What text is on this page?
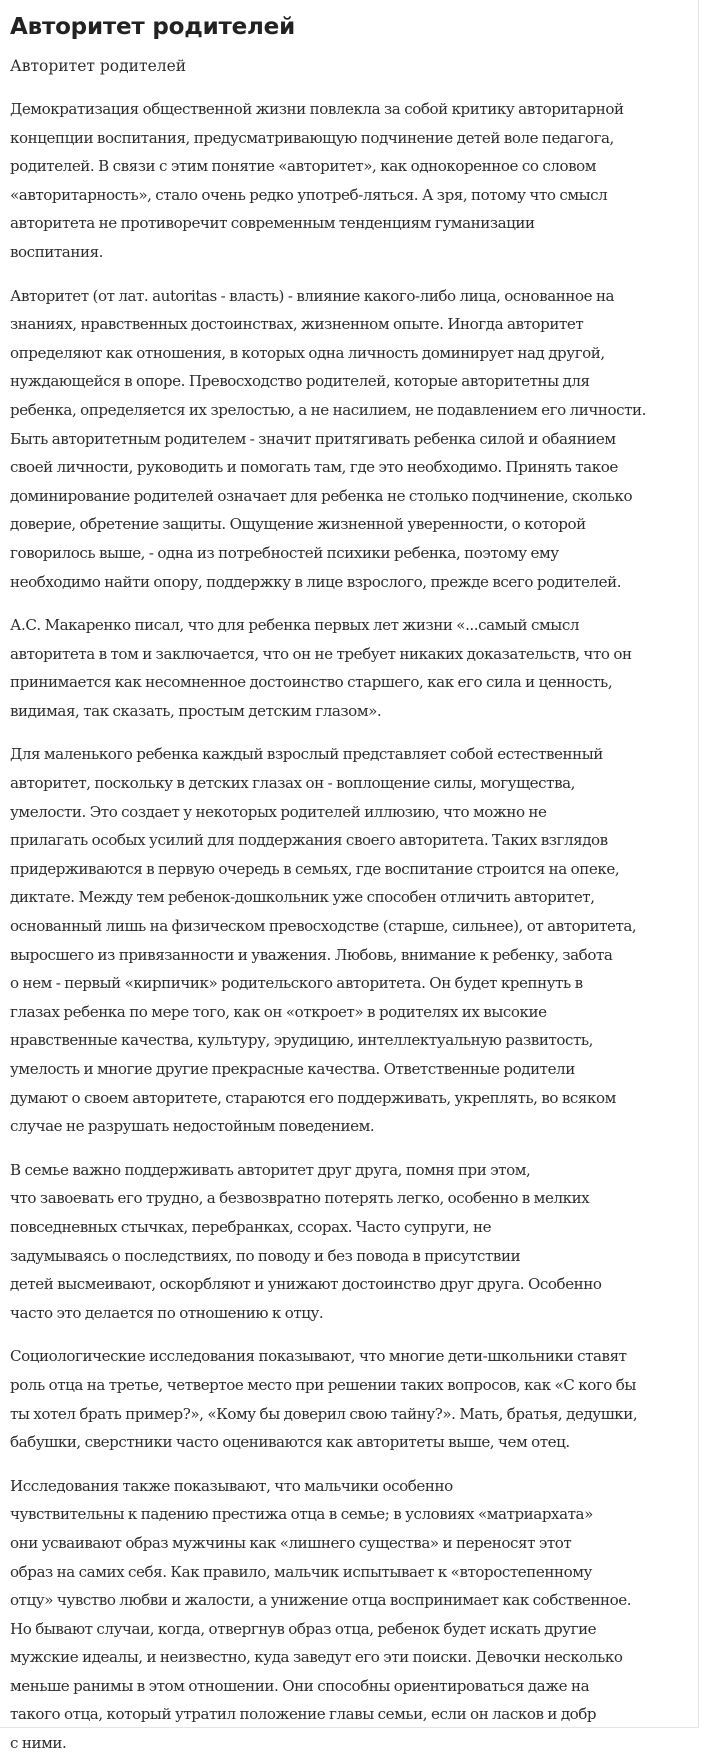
Авторитет родителей

Авторитет родителей

Демократизация общественной жизни повлекла за собой критику авторитарной
концепции воспитания, предусматривающую подчинение детей воле педагога,
родителей. В связи с этим понятие «авторитет», как однокоренное со словом
«авторитарность», стало очень редко употреб-ляться. А зря, потому что смысл
авторитета не противоречит современным тенденциям гуманизации
воспитания.

Авторитет (от лат. autoritas - власть) - влияние какого-либо лица, основанное на
знаниях, нравственных достоинствах, жизненном опыте. Иногда авторитет
определяют как отношения, в которых одна личность доминирует над другой,
нуждающейся в опоре. Превосходство родителей, которые авторитетны для
ребенка, определяется их зрелостью, а не насилием, не подавлением его личности.
Быть авторитетным родителем - значит притягивать ребенка силой и обаянием
своей личности, руководить и помогать там, где это необходимо. Принять такое
доминирование родителей означает для ребенка не столько подчинение, сколько
доверие, обретение защиты. Ощущение жизненной уверенности, о которой
говорилось выше, - одна из потребностей психики ребенка, поэтому ему
необходимо найти опору, поддержку в лице взрослого, прежде всего родителей.

А.С. Макаренко писал, что для ребенка первых лет жизни «...самый смысл
авторитета в том и заключается, что он не требует никаких доказательств, что он
принимается как несомненное достоинство старшего, как его сила и ценность,
видимая, так сказать, простым детским глазом».

Для маленького ребенка каждый взрослый представляет собой естественный
авторитет, поскольку в детских глазах он - воплощение силы, могущества,
умелости. Это создает у некоторых родителей иллюзию, что можно не
прилагать особых усилий для поддержания своего авторитета. Таких взглядов
придерживаются в первую очередь в семьях, где воспитание строится на опеке,
диктате. Между тем ребенок-дошкольник уже способен отличить авторитет,
основанный лишь на физическом превосходстве (старше, сильнее), от авторитета,
выросшего из привязанности и уважения. Любовь, внимание к ребенку, забота
о нем - первый «кирпичик» родительского авторитета. Он будет крепнуть в
глазах ребенка по мере того, как он «откроет» в родителях их высокие
нравственные качества, культуру, эрудицию, интеллектуальную развитость,
умелость и многие другие прекрасные качества. Ответственные родители
думают о своем авторитете, стараются его поддерживать, укреплять, во всяком
случае не разрушать недостойным поведением.

В семье важно поддерживать авторитет друг друга, помня при этом,
что завоевать его трудно, а безвозвратно потерять легко, особенно в мелких
повседневных стычках, перебранках, ссорах. Часто супруги, не
задумываясь о последствиях, по поводу и без повода в присутствии
детей высмеивают, оскорбляют и унижают достоинство друг друга. Особенно
часто это делается по отношению к отцу.

Социологические исследования показывают, что многие дети-школьники ставят
роль отца на третье, четвертое место при решении таких вопросов, как «С кого бы
ты хотел брать пример?», «Кому бы доверил свою тайну?». Мать, братья, дедушки,
бабушки, сверстники часто оцениваются как авторитеты выше, чем отец.

Исследования также показывают, что мальчики особенно
чувствительны к падению престижа отца в семье; в условиях «матриархата»
они усваивают образ мужчины как «лишнего существа» и переносят этот
образ на самих себя. Как правило, мальчик испытывает к «второстепенному
отцу» чувство любви и жалости, а унижение отца воспринимает как собственное.
Но бывают случаи, когда, отвергнув образ отца, ребенок будет искать другие
мужские идеалы, и неизвестно, куда заведут его эти поиски. Девочки несколько
меньше ранимы в этом отношении. Они способны ориентироваться даже на
такого отца, который утратил положение главы семьи, если он ласков и добр
с ними.
